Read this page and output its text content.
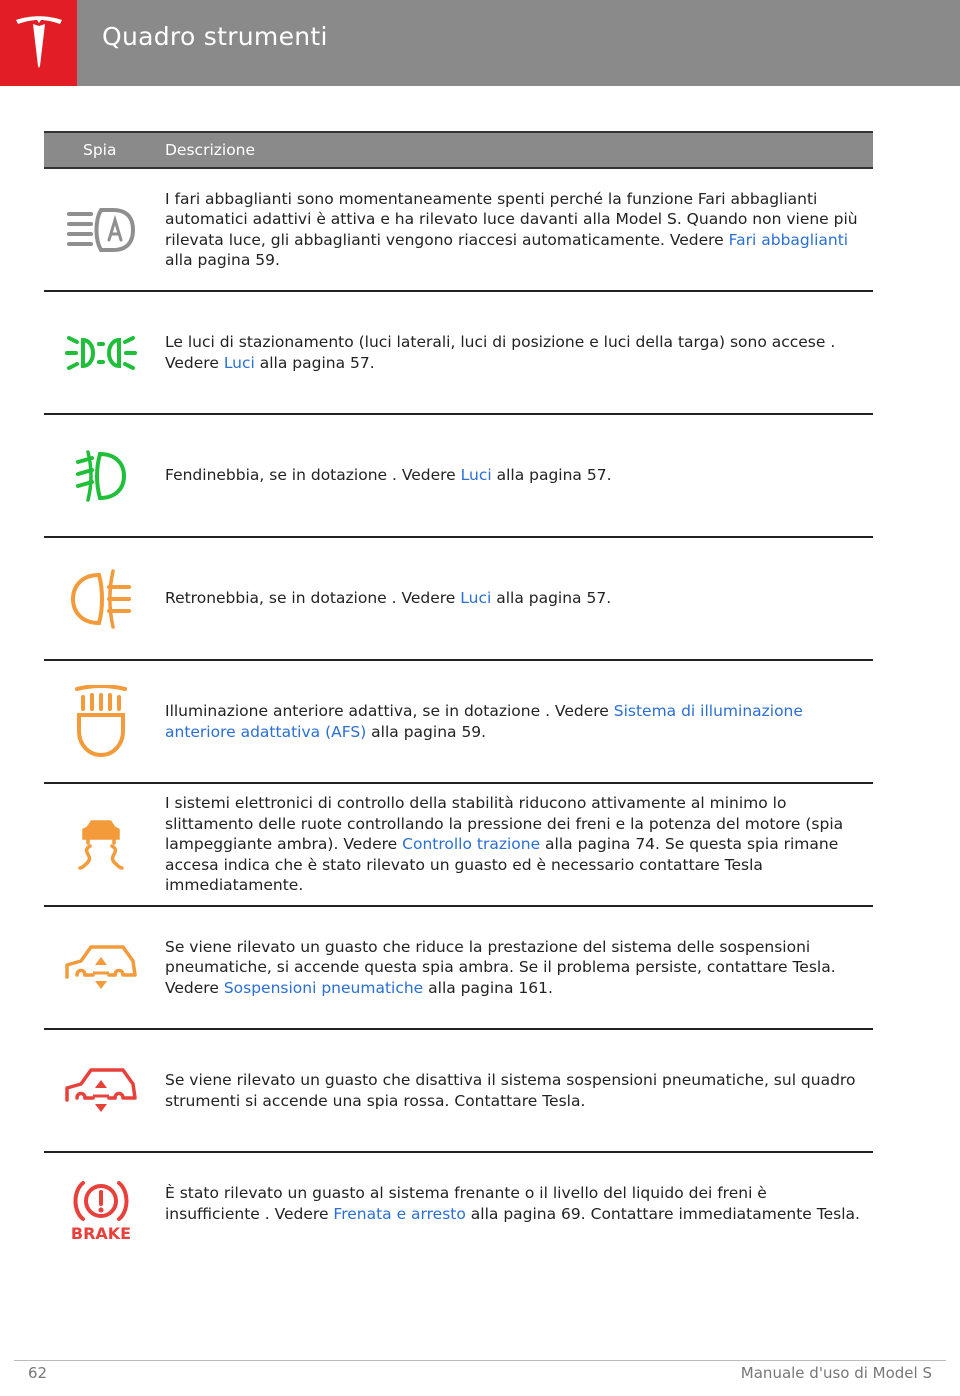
Quadro strumenti
Spia	Descrizione

I fari abbaglianti sono momentaneamente spenti perché la funzione Fari abbaglianti automatici adattivi è attiva e ha rilevato luce davanti alla Model S. Quando non viene più rilevata luce, gli abbaglianti vengono riaccesi automaticamente. Vedere Fari abbaglianti alla pagina 59.

Le luci di stazionamento (luci laterali, luci di posizione e luci della targa) sono accese . Vedere Luci alla pagina 57.

Fendinebbia, se in dotazione . Vedere Luci alla pagina 57.

Retronebbia, se in dotazione . Vedere Luci alla pagina 57.

Illuminazione anteriore adattiva, se in dotazione . Vedere Sistema di illuminazione anteriore adattativa (AFS) alla pagina 59.

I sistemi elettronici di controllo della stabilità riducono attivamente al minimo lo slittamento delle ruote controllando la pressione dei freni e la potenza del motore (spia lampeggiante ambra). Vedere Controllo trazione alla pagina 74. Se questa spia rimane accesa indica che è stato rilevato un guasto ed è necessario contattare Tesla immediatamente.

Se viene rilevato un guasto che riduce la prestazione del sistema delle sospensioni pneumatiche, si accende questa spia ambra. Se il problema persiste, contattare Tesla. Vedere Sospensioni pneumatiche alla pagina 161.

Se viene rilevato un guasto che disattiva il sistema sospensioni pneumatiche, sul quadro strumenti si accende una spia rossa. Contattare Tesla.

BRAKE

È stato rilevato un guasto al sistema frenante o il livello del liquido dei freni è insufficiente . Vedere Frenata e arresto alla pagina 69. Contattare immediatamente Tesla.

62	Manuale d'uso di Model S
